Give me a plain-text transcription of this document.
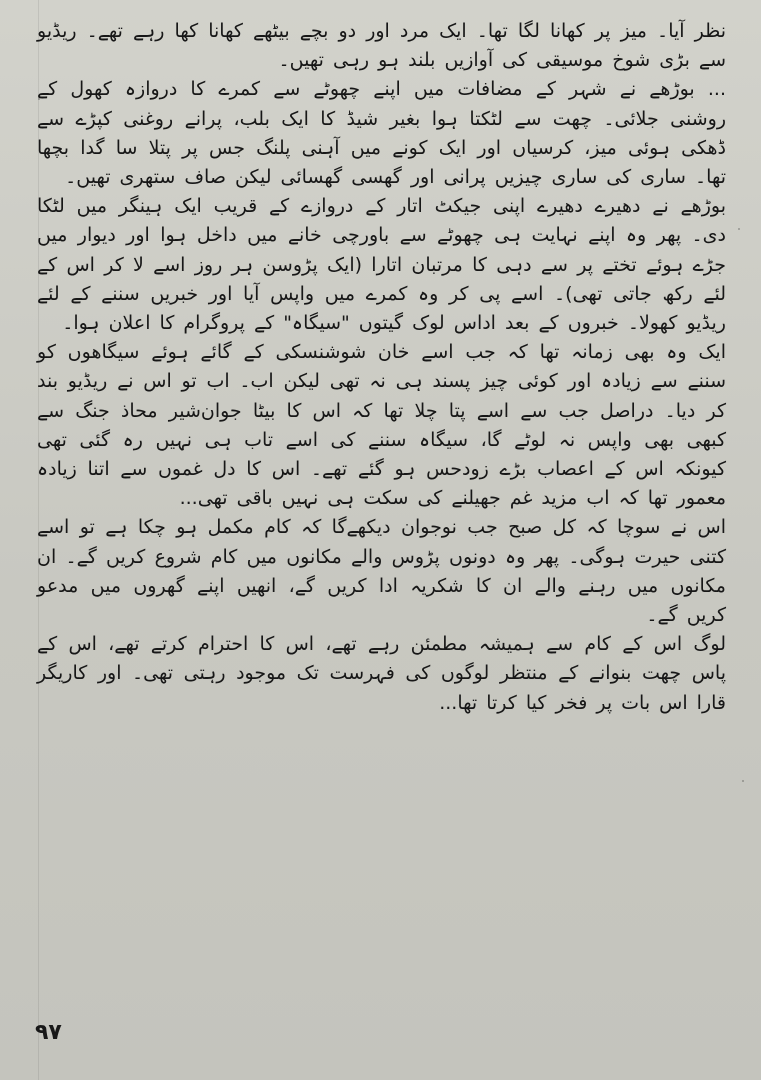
نظر آیا۔ میز پر کھانا لگا تھا۔ ایک مرد اور دو بچے بیٹھے کھانا کھا رہے تھے۔ ریڈیو سے بڑی شوخ موسیقی کی آوازیں بلند ہو رہی تھیں۔

... بوڑھے نے شہر کے مضافات میں اپنے چھوٹے سے کمرے کا دروازہ کھول کے روشنی جلائی۔ چھت سے لٹکتا ہوا بغیر شیڈ کا ایک بلب، پرانے روغنی کپڑے سے ڈھکی ہوئی میز، کرسیاں اور ایک کونے میں آہنی پلنگ جس پر پتلا سا گدا بچھا تھا۔ ساری کی ساری چیزیں پرانی اور گھسی گھسائی لیکن صاف ستھری تھیں۔

بوڑھے نے دھیرے دھیرے اپنی جیکٹ اتار کے دروازے کے قریب ایک ہینگر میں لٹکا دی۔ پھر وہ اپنے نہایت ہی چھوٹے سے باورچی خانے میں داخل ہوا اور دیوار میں جڑے ہوئے تختے پر سے دہی کا مرتبان اتارا (ایک پڑوسن ہر روز اسے لا کر اس کے لئے رکھ جاتی تھی)۔ اسے پی کر وہ کمرے میں واپس آیا اور خبریں سننے کے لئے ریڈیو کھولا۔ خبروں کے بعد اداس لوک گیتوں "سیگاہ" کے پروگرام کا اعلان ہوا۔

ایک وہ بھی زمانہ تھا کہ جب اسے خان شوشنسکی کے گائے ہوئے سیگاھوں کو سننے سے زیادہ اور کوئی چیز پسند ہی نہ تھی لیکن اب۔ اب تو اس نے ریڈیو بند کر دیا۔ دراصل جب سے اسے پتا چلا تھا کہ اس کا بیٹا جوان‌شیر محاذ جنگ سے کبھی بھی واپس نہ لوٹے گا، سیگاہ سننے کی اسے تاب ہی نہیں رہ گئی تھی کیونکہ اس کے اعصاب بڑے زودحس ہو گئے تھے۔ اس کا دل غموں سے اتنا زیادہ معمور تھا کہ اب مزید غم جھیلنے کی سکت ہی نہیں باقی تھی...

اس نے سوچا کہ کل صبح جب نوجوان دیکھےگا کہ کام مکمل ہو چکا ہے تو اسے کتنی حیرت ہوگی۔ پھر وہ دونوں پڑوس والے مکانوں میں کام شروع کریں گے۔ ان مکانوں میں رہنے والے ان کا شکریہ ادا کریں گے، انھیں اپنے گھروں میں مدعو کریں گے۔

لوگ اس کے کام سے ہمیشہ مطمئن رہے تھے، اس کا احترام کرتے تھے، اس کے پاس چھت بنوانے کے منتظر لوگوں کی فہرست تک موجود رہتی تھی۔ اور کاریگر قارا اس بات پر فخر کیا کرتا تھا...

۹۷
